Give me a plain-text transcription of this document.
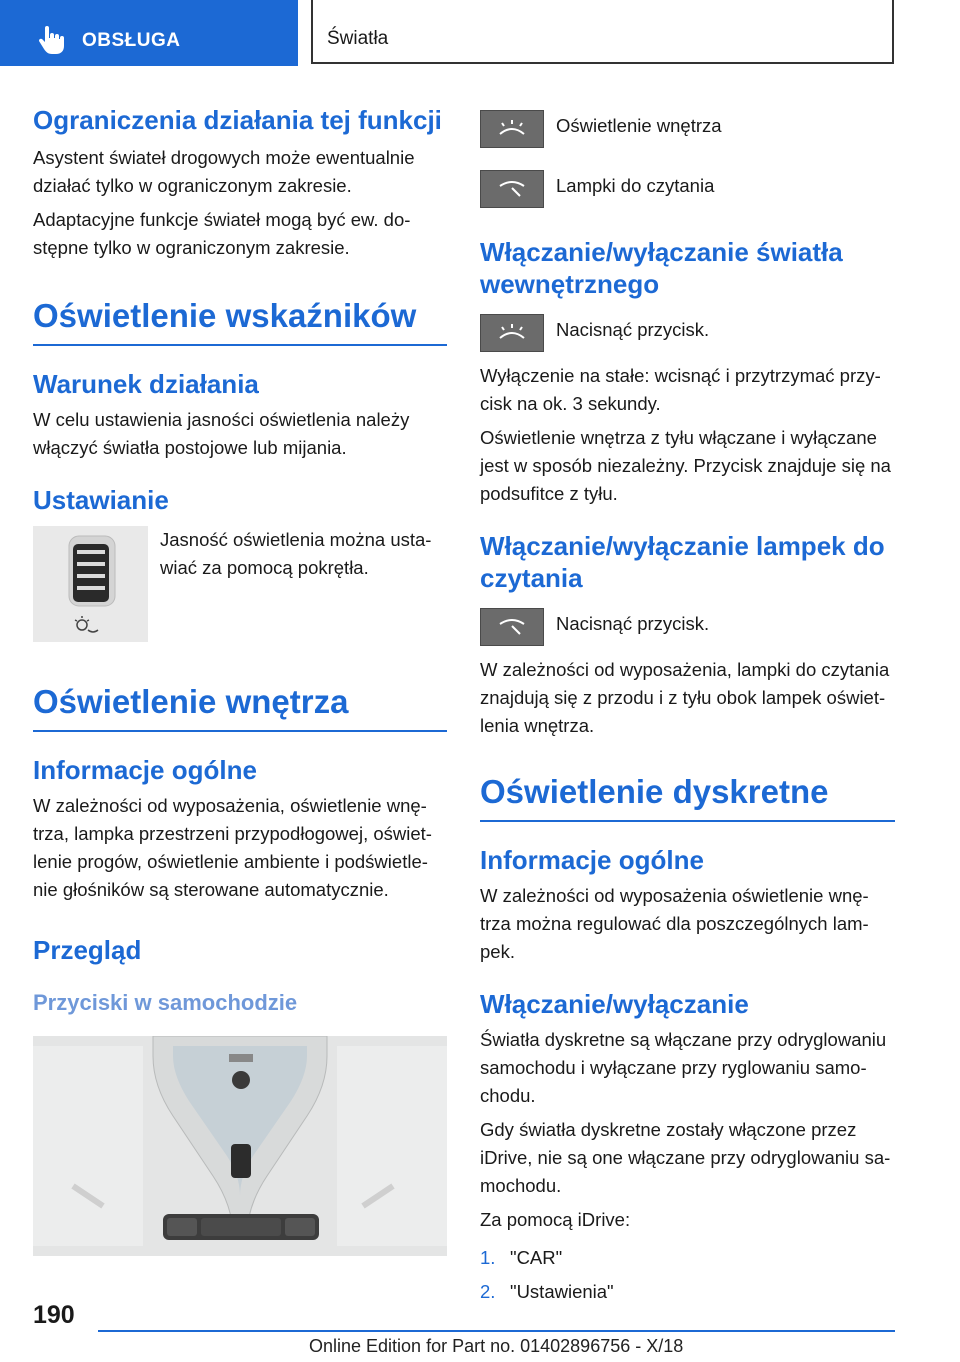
OBSŁUGA	Światła
Ograniczenia działania tej funkcji

Asystent świateł drogowych może ewentualnie działać tylko w ograniczonym zakresie.

Adaptacyjne funkcje świateł mogą być ew. do- stępne tylko w ograniczonym zakresie.

Oświetlenie wskaźników
Warunek działania

W celu ustawienia jasności oświetlenia należy włączyć światła postojowe lub mijania.

Ustawianie

Jasność oświetlenia można usta- wiać za pomocą pokrętła.

Oświetlenie wnętrza
Informacje ogólne

W zależności od wyposażenia, oświetlenie wnę- trza, lampka przestrzeni przypodłogowej, oświet- lenie progów, oświetlenie ambiente i podświetle- nie głośników są sterowane automatycznie.

Przegląd
Przyciski w samochodzie

Oświetlenie wnętrza

Lampki do czytania

Włączanie/wyłączanie światła wewnętrznego

Nacisnąć przycisk.

Wyłączenie na stałe: wcisnąć i przytrzymać przy- cisk na ok. 3 sekundy.

Oświetlenie wnętrza z tyłu włączane i wyłączane jest w sposób niezależny. Przycisk znajduje się na podsufitce z tyłu.

Włączanie/wyłączanie lampek do czytania

Nacisnąć przycisk.

W zależności od wyposażenia, lampki do czytania znajdują się z przodu i z tyłu obok lampek oświet- lenia wnętrza.

Oświetlenie dyskretne
Informacje ogólne

W zależności od wyposażenia oświetlenie wnę- trza można regulować dla poszczególnych lam- pek.

Włączanie/wyłączanie

Światła dyskretne są włączane przy odryglowaniu samochodu i wyłączane przy ryglowaniu samo- chodu.

Gdy światła dyskretne zostały włączone przez iDrive, nie są one włączane przy odryglowaniu sa- mochodu.

Za pomocą iDrive:

1. "CAR"
2. "Ustawienia"
190
Online Edition for Part no. 01402896756 - X/18
